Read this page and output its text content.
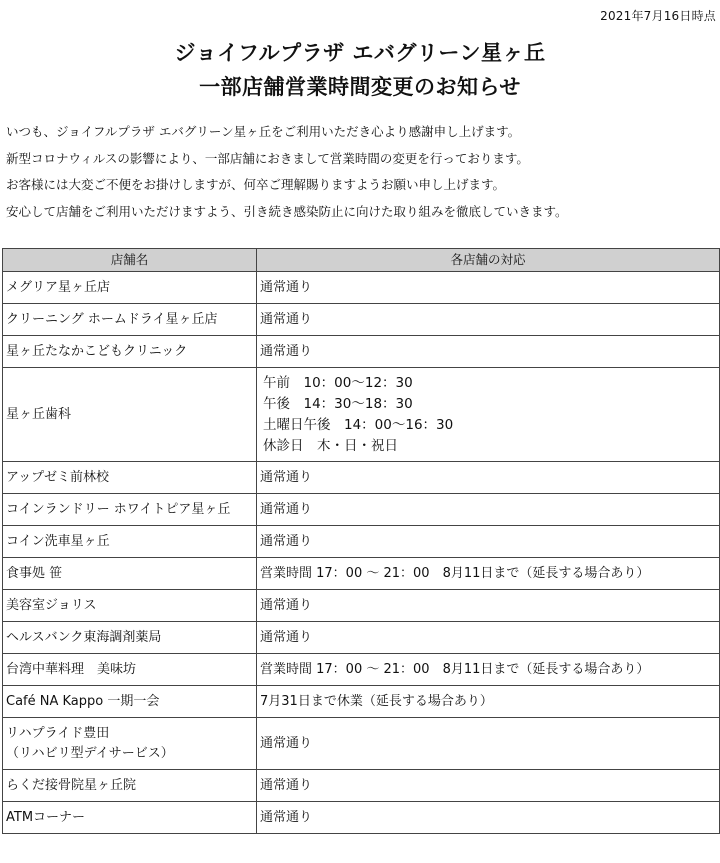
2021年7月16日時点
ジョイフルプラザ エバグリーン星ヶ丘
一部店舗営業時間変更のお知らせ

いつも、ジョイフルプラザ エバグリーン星ヶ丘をご利用いただき心より感謝申し上げます。

新型コロナウィルスの影響により、一部店舗におきまして営業時間の変更を行っております。

お客様には大変ご不便をお掛けしますが、何卒ご理解賜りますようお願い申し上げます。

安心して店舗をご利用いただけますよう、引き続き感染防止に向けた取り組みを徹底していきます。

店舗名	各店舗の対応
メグリア星ヶ丘店	通常通り
クリーニング ホームドライ星ヶ丘店	通常通り
星ヶ丘たなかこどもクリニック	通常通り
星ヶ丘歯科	午前　10：00〜12：30
午後　14：30〜18：30
土曜日午後　14：00〜16：30
休診日　木・日・祝日

アップゼミ前林校	通常通り
コインランドリー ホワイトピア星ヶ丘	通常通り
コイン洗車星ヶ丘	通常通り
食事処 笹	営業時間 17：00 〜 21：00　8月11日まで（延長する場合あり）
美容室ジョリス	通常通り
ヘルスバンク東海調剤薬局	通常通り
台湾中華料理　美味坊	営業時間 17：00 〜 21：00　8月11日まで（延長する場合あり）
Café NA Kappo 一期一会	7月31日まで休業（延長する場合あり）

リハプライド豊田
（リハビリ型デイサービス）	通常通り
らくだ接骨院星ヶ丘院	通常通り
ATMコーナー	通常通り
